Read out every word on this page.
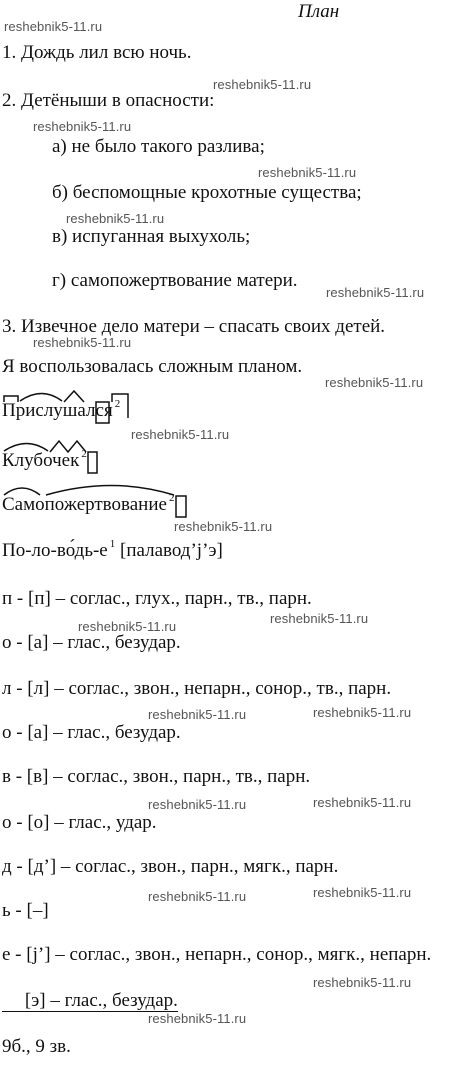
План
1. Дождь лил всю ночь.
2. Детёныши в опасности:
а) не было такого разлива;
б) беспомощные крохотные существа;
в) испуганная выхухоль;
г) самопожертвование матери.
3. Извечное дело матери – спасать своих детей.
Я воспользовалась сложным планом.
Прислушался $^2$
Клубочек $^2$
Самопожертвование $^2$
По-ло-во́дь-е $^1$ [палавод’j’э]
п - [п] – соглас., глух., парн., тв., парн.
о - [а] – глас., безудар.
л - [л] – соглас., звон., непарн., сонор., тв., парн.
о - [а] – глас., безудар.
в - [в] – соглас., звон., парн., тв., парн.
о - [о] – глас., удар.
д - [д’] – соглас., звон., парн., мягк., парн.
ь - [–]
е - [j’] – соглас., звон., непарн., сонор., мягк., непарн.
  [э] – глас., безудар.
9б., 9 зв.
reshebnik5-11.ru
reshebnik5-11.ru
reshebnik5-11.ru
reshebnik5-11.ru
reshebnik5-11.ru
reshebnik5-11.ru
reshebnik5-11.ru
reshebnik5-11.ru
reshebnik5-11.ru
reshebnik5-11.ru
reshebnik5-11.ru
reshebnik5-11.ru
reshebnik5-11.ru
reshebnik5-11.ru
reshebnik5-11.ru
reshebnik5-11.ru
reshebnik5-11.ru
reshebnik5-11.ru
reshebnik5-11.ru
reshebnik5-11.ru
